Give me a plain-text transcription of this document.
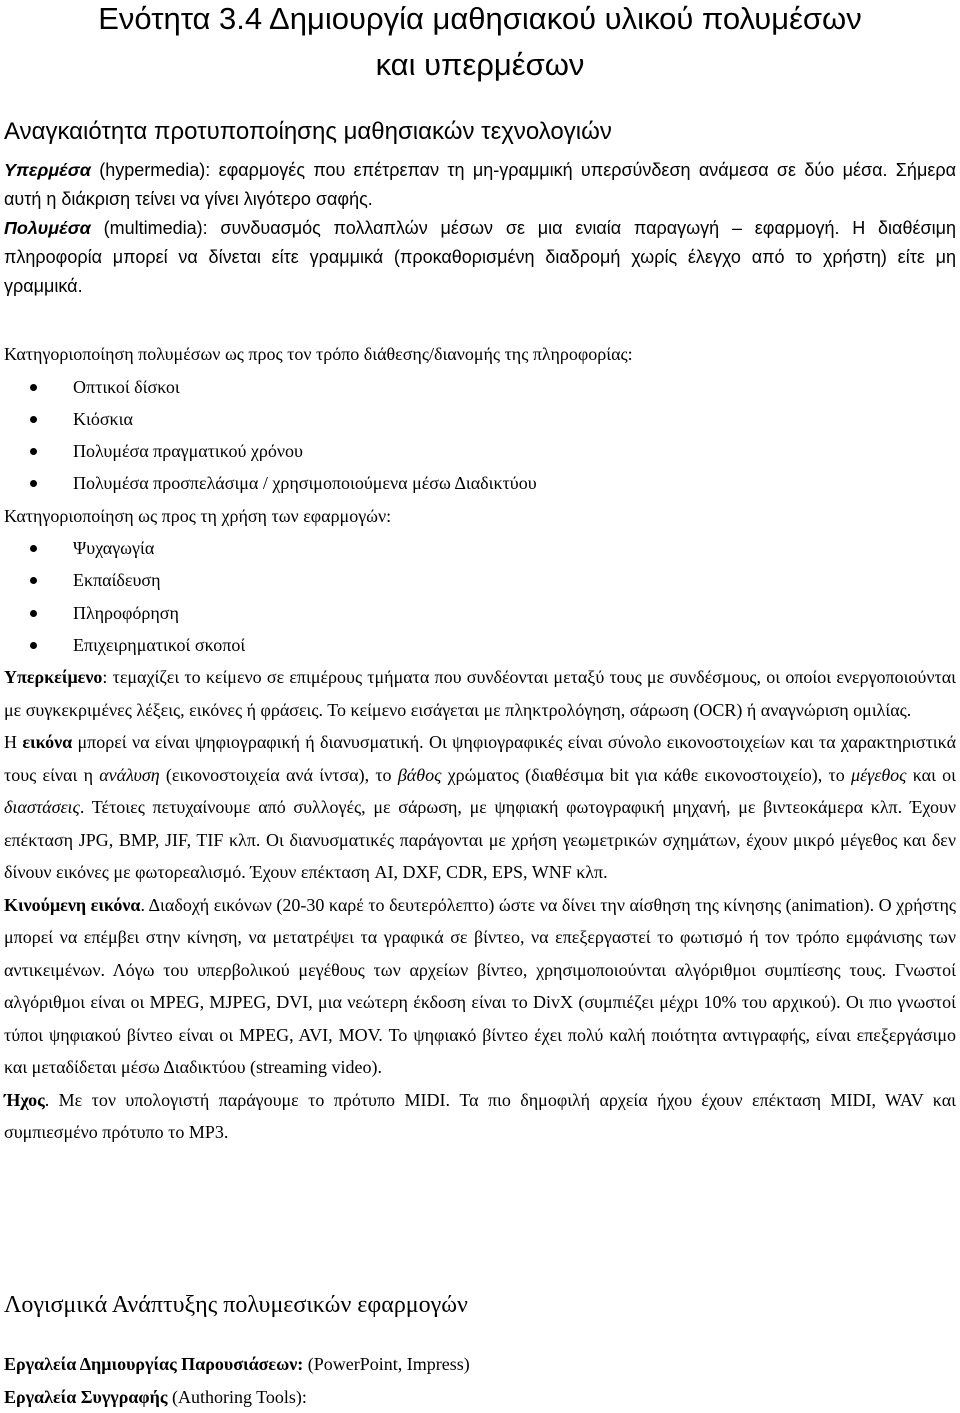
Ενότητα 3.4 Δημιουργία μαθησιακού υλικού πολυμέσων
και υπερμέσων
Αναγκαιότητα προτυποποίησης μαθησιακών τεχνολογιών

Υπερμέσα (hypermedia): εφαρμογές που επέτρεπαν τη μη-γραμμική υπερσύνδεση ανάμεσα σε δύο μέσα. Σήμερα αυτή η διάκριση τείνει να γίνει λιγότερο σαφής.

Πολυμέσα (multimedia): συνδυασμός πολλαπλών μέσων σε μια ενιαία παραγωγή – εφαρμογή. Η διαθέσιμη πληροφορία μπορεί να δίνεται είτε γραμμικά (προκαθορισμένη διαδρομή χωρίς έλεγχο από το χρήστη) είτε μη γραμμικά.

Κατηγοριοποίηση πολυμέσων ως προς τον τρόπο διάθεσης/διανομής της πληροφορίας:

Οπτικοί δίσκοι
Κιόσκια
Πολυμέσα πραγματικού χρόνου
Πολυμέσα προσπελάσιμα / χρησιμοποιούμενα μέσω Διαδικτύου

Κατηγοριοποίηση ως προς τη χρήση των εφαρμογών:

Ψυχαγωγία
Εκπαίδευση
Πληροφόρηση
Επιχειρηματικοί σκοποί

Υπερκείμενο: τεμαχίζει το κείμενο σε επιμέρους τμήματα που συνδέονται μεταξύ τους με συνδέσμους, οι οποίοι ενεργοποιούνται με συγκεκριμένες λέξεις, εικόνες ή φράσεις. Το κείμενο εισάγεται με πληκτρολόγηση, σάρωση (OCR) ή αναγνώριση ομιλίας.

Η εικόνα μπορεί να είναι ψηφιογραφική ή διανυσματική. Οι ψηφιογραφικές είναι σύνολο εικονοστοιχείων και τα χαρακτηριστικά τους είναι η ανάλυση (εικονοστοιχεία ανά ίντσα), το βάθος χρώματος (διαθέσιμα bit για κάθε εικονοστοιχείο), το μέγεθος και οι διαστάσεις. Τέτοιες πετυχαίνουμε από συλλογές, με σάρωση, με ψηφιακή φωτογραφική μηχανή, με βιντεοκάμερα κλπ. Έχουν επέκταση JPG, BMP, JIF, TIF κλπ. Οι διανυσματικές παράγονται με χρήση γεωμετρικών σχημάτων, έχουν μικρό μέγεθος και δεν δίνουν εικόνες με φωτορεαλισμό. Έχουν επέκταση AI, DXF, CDR, EPS, WNF κλπ.

Κινούμενη εικόνα. Διαδοχή εικόνων (20-30 καρέ το δευτερόλεπτο) ώστε να δίνει την αίσθηση της κίνησης (animation). Ο χρήστης μπορεί να επέμβει στην κίνηση, να μετατρέψει τα γραφικά σε βίντεο, να επεξεργαστεί το φωτισμό ή τον τρόπο εμφάνισης των αντικειμένων. Λόγω του υπερβολικού μεγέθους των αρχείων βίντεο, χρησιμοποιούνται αλγόριθμοι συμπίεσης τους. Γνωστοί αλγόριθμοι είναι οι MPEG, MJPEG, DVI, μια νεώτερη έκδοση είναι το DivX (συμπιέζει μέχρι 10% του αρχικού). Οι πιο γνωστοί τύποι ψηφιακού βίντεο είναι οι MPEG, AVI, MOV. Το ψηφιακό βίντεο έχει πολύ καλή ποιότητα αντιγραφής, είναι επεξεργάσιμο και μεταδίδεται μέσω Διαδικτύου (streaming video).

Ήχος. Με τον υπολογιστή παράγουμε το πρότυπο MIDI. Τα πιο δημοφιλή αρχεία ήχου έχουν επέκταση MIDI, WAV και συμπιεσμένο πρότυπο το MP3.

Λογισμικά Ανάπτυξης πολυμεσικών εφαρμογών

Εργαλεία Δημιουργίας Παρουσιάσεων: (PowerPoint, Impress)

Εργαλεία Συγγραφής (Authoring Tools):
